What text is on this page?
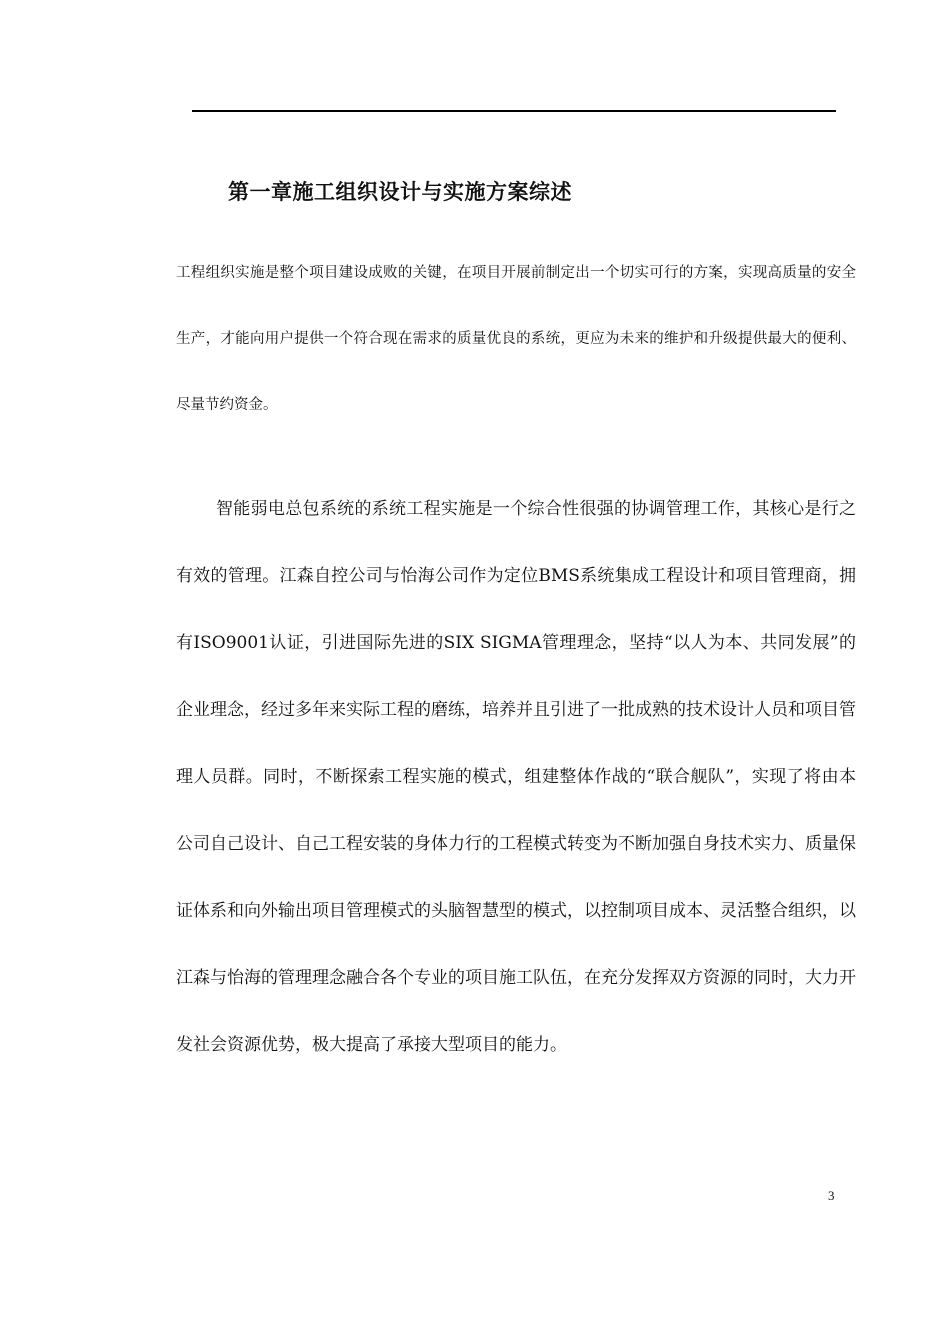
第一章施工组织设计与实施方案综述

工程组织实施是整个项目建设成败的关键，在项目开展前制定出一个切实可行的方案，实现高质量的安全生产，才能向用户提供一个符合现在需求的质量优良的系统，更应为未来的维护和升级提供最大的便利、尽量节约资金。

智能弱电总包系统的系统工程实施是一个综合性很强的协调管理工作，其核心是行之有效的管理。江森自控公司与怡海公司作为定位BMS系统集成工程设计和项目管理商，拥有ISO9001认证，引进国际先进的SIX SIGMA管理理念，坚持“以人为本、共同发展”的企业理念，经过多年来实际工程的磨练，培养并且引进了一批成熟的技术设计人员和项目管理人员群。同时，不断探索工程实施的模式，组建整体作战的“联合舰队”，实现了将由本公司自己设计、自己工程安装的身体力行的工程模式转变为不断加强自身技术实力、质量保证体系和向外输出项目管理模式的头脑智慧型的模式，以控制项目成本、灵活整合组织，以江森与怡海的管理理念融合各个专业的项目施工队伍，在充分发挥双方资源的同时，大力开发社会资源优势，极大提高了承接大型项目的能力。

3
